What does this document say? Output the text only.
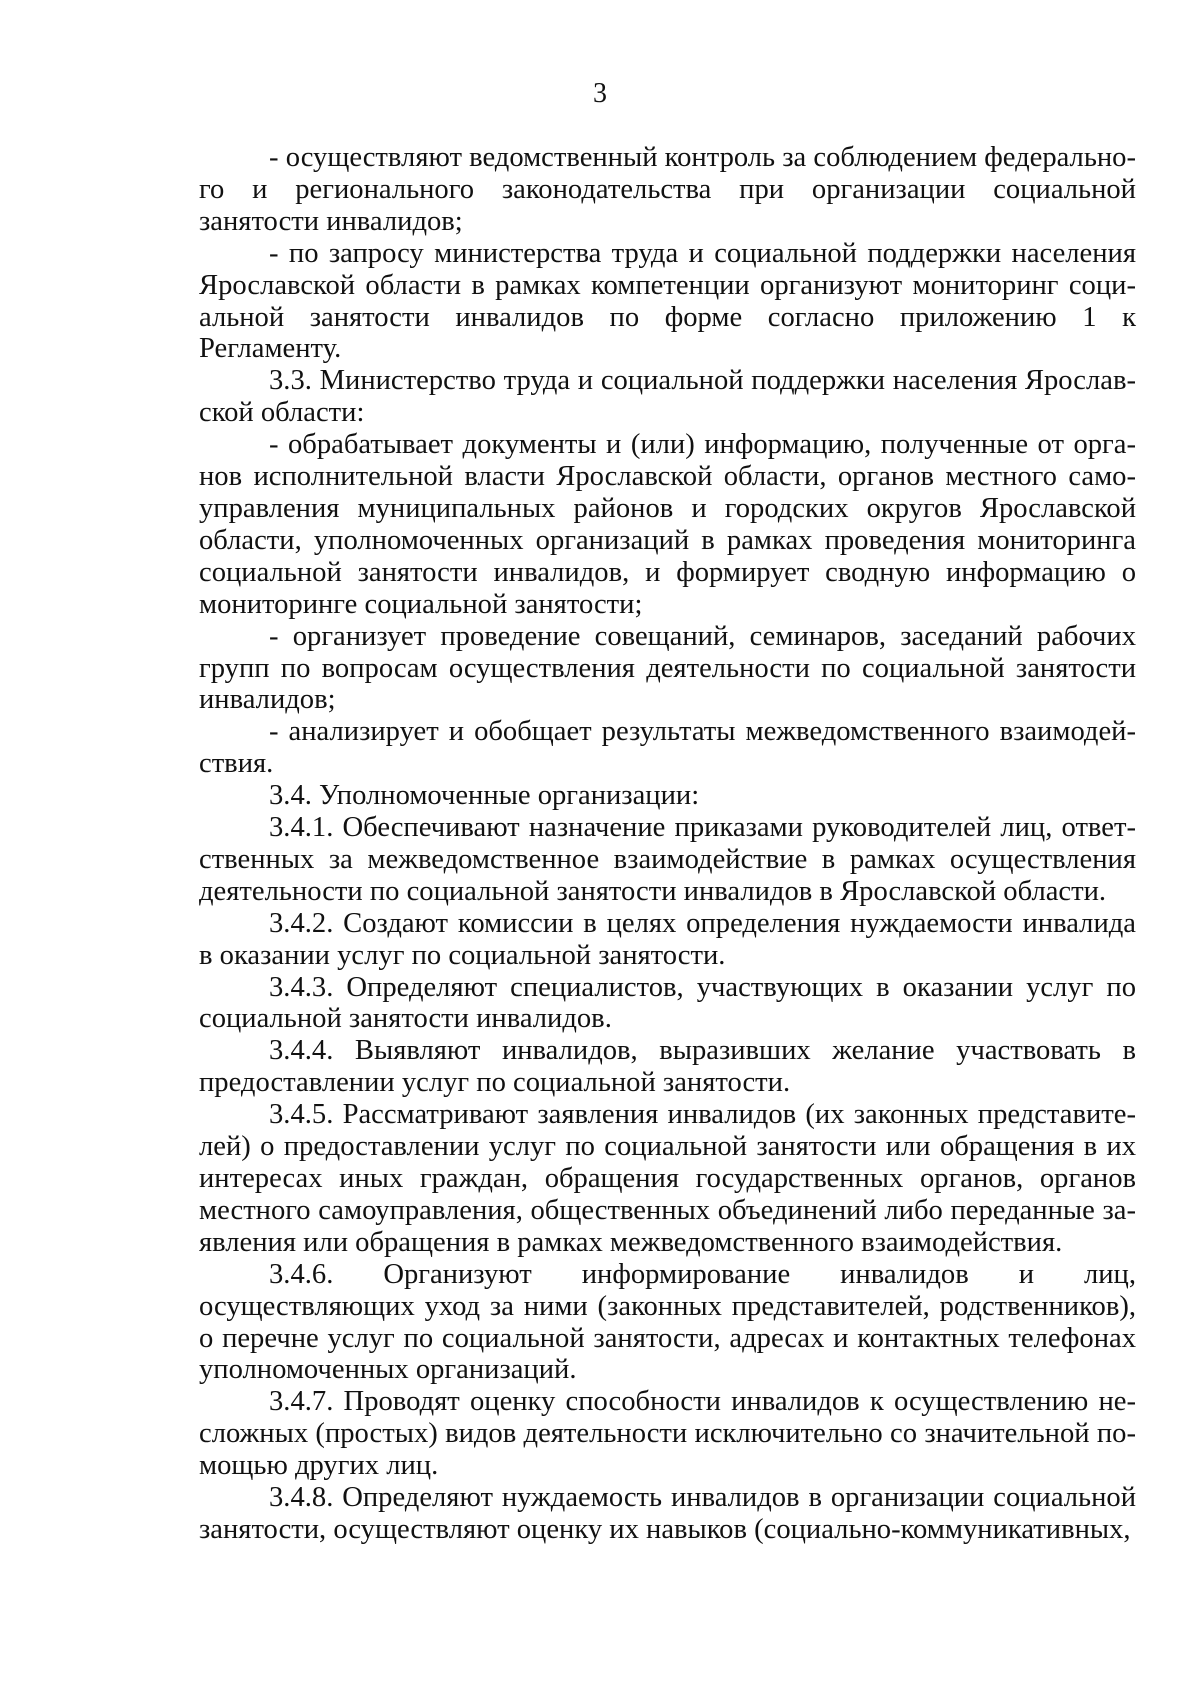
3

- осуществляют ведомственный контроль за соблюдением федерального и регионального законодательства при организации социальной занятости инвалидов;

- по запросу министерства труда и социальной поддержки населения Ярославской области в рамках компетенции организуют мониторинг социальной занятости инвалидов по форме согласно приложению 1 к Регламенту.

3.3. Министерство труда и социальной поддержки населения Ярославской области:

- обрабатывает документы и (или) информацию, полученные от органов исполнительной власти Ярославской области, органов местного самоуправления муниципальных районов и городских округов Ярославской области, уполномоченных организаций в рамках проведения мониторинга социальной занятости инвалидов, и формирует сводную информацию о мониторинге социальной занятости;

- организует проведение совещаний, семинаров, заседаний рабочих групп по вопросам осуществления деятельности по социальной занятости инвалидов;

- анализирует и обобщает результаты межведомственного взаимодействия.

3.4. Уполномоченные организации:

3.4.1. Обеспечивают назначение приказами руководителей лиц, ответственных за межведомственное взаимодействие в рамках осуществления деятельности по социальной занятости инвалидов в Ярославской области.

3.4.2. Создают комиссии в целях определения нуждаемости инвалида в оказании услуг по социальной занятости.

3.4.3. Определяют специалистов, участвующих в оказании услуг по социальной занятости инвалидов.

3.4.4. Выявляют инвалидов, выразивших желание участвовать в предоставлении услуг по социальной занятости.

3.4.5. Рассматривают заявления инвалидов (их законных представителей) о предоставлении услуг по социальной занятости или обращения в их интересах иных граждан, обращения государственных органов, органов местного самоуправления, общественных объединений либо переданные заявления или обращения в рамках межведомственного взаимодействия.

3.4.6. Организуют информирование инвалидов и лиц, осуществляющих уход за ними (законных представителей, родственников), о перечне услуг по социальной занятости, адресах и контактных телефонах уполномоченных организаций.

3.4.7. Проводят оценку способности инвалидов к осуществлению несложных (простых) видов деятельности исключительно со значительной помощью других лиц.

3.4.8. Определяют нуждаемость инвалидов в организации социальной занятости, осуществляют оценку их навыков (социально-коммуникативных,
